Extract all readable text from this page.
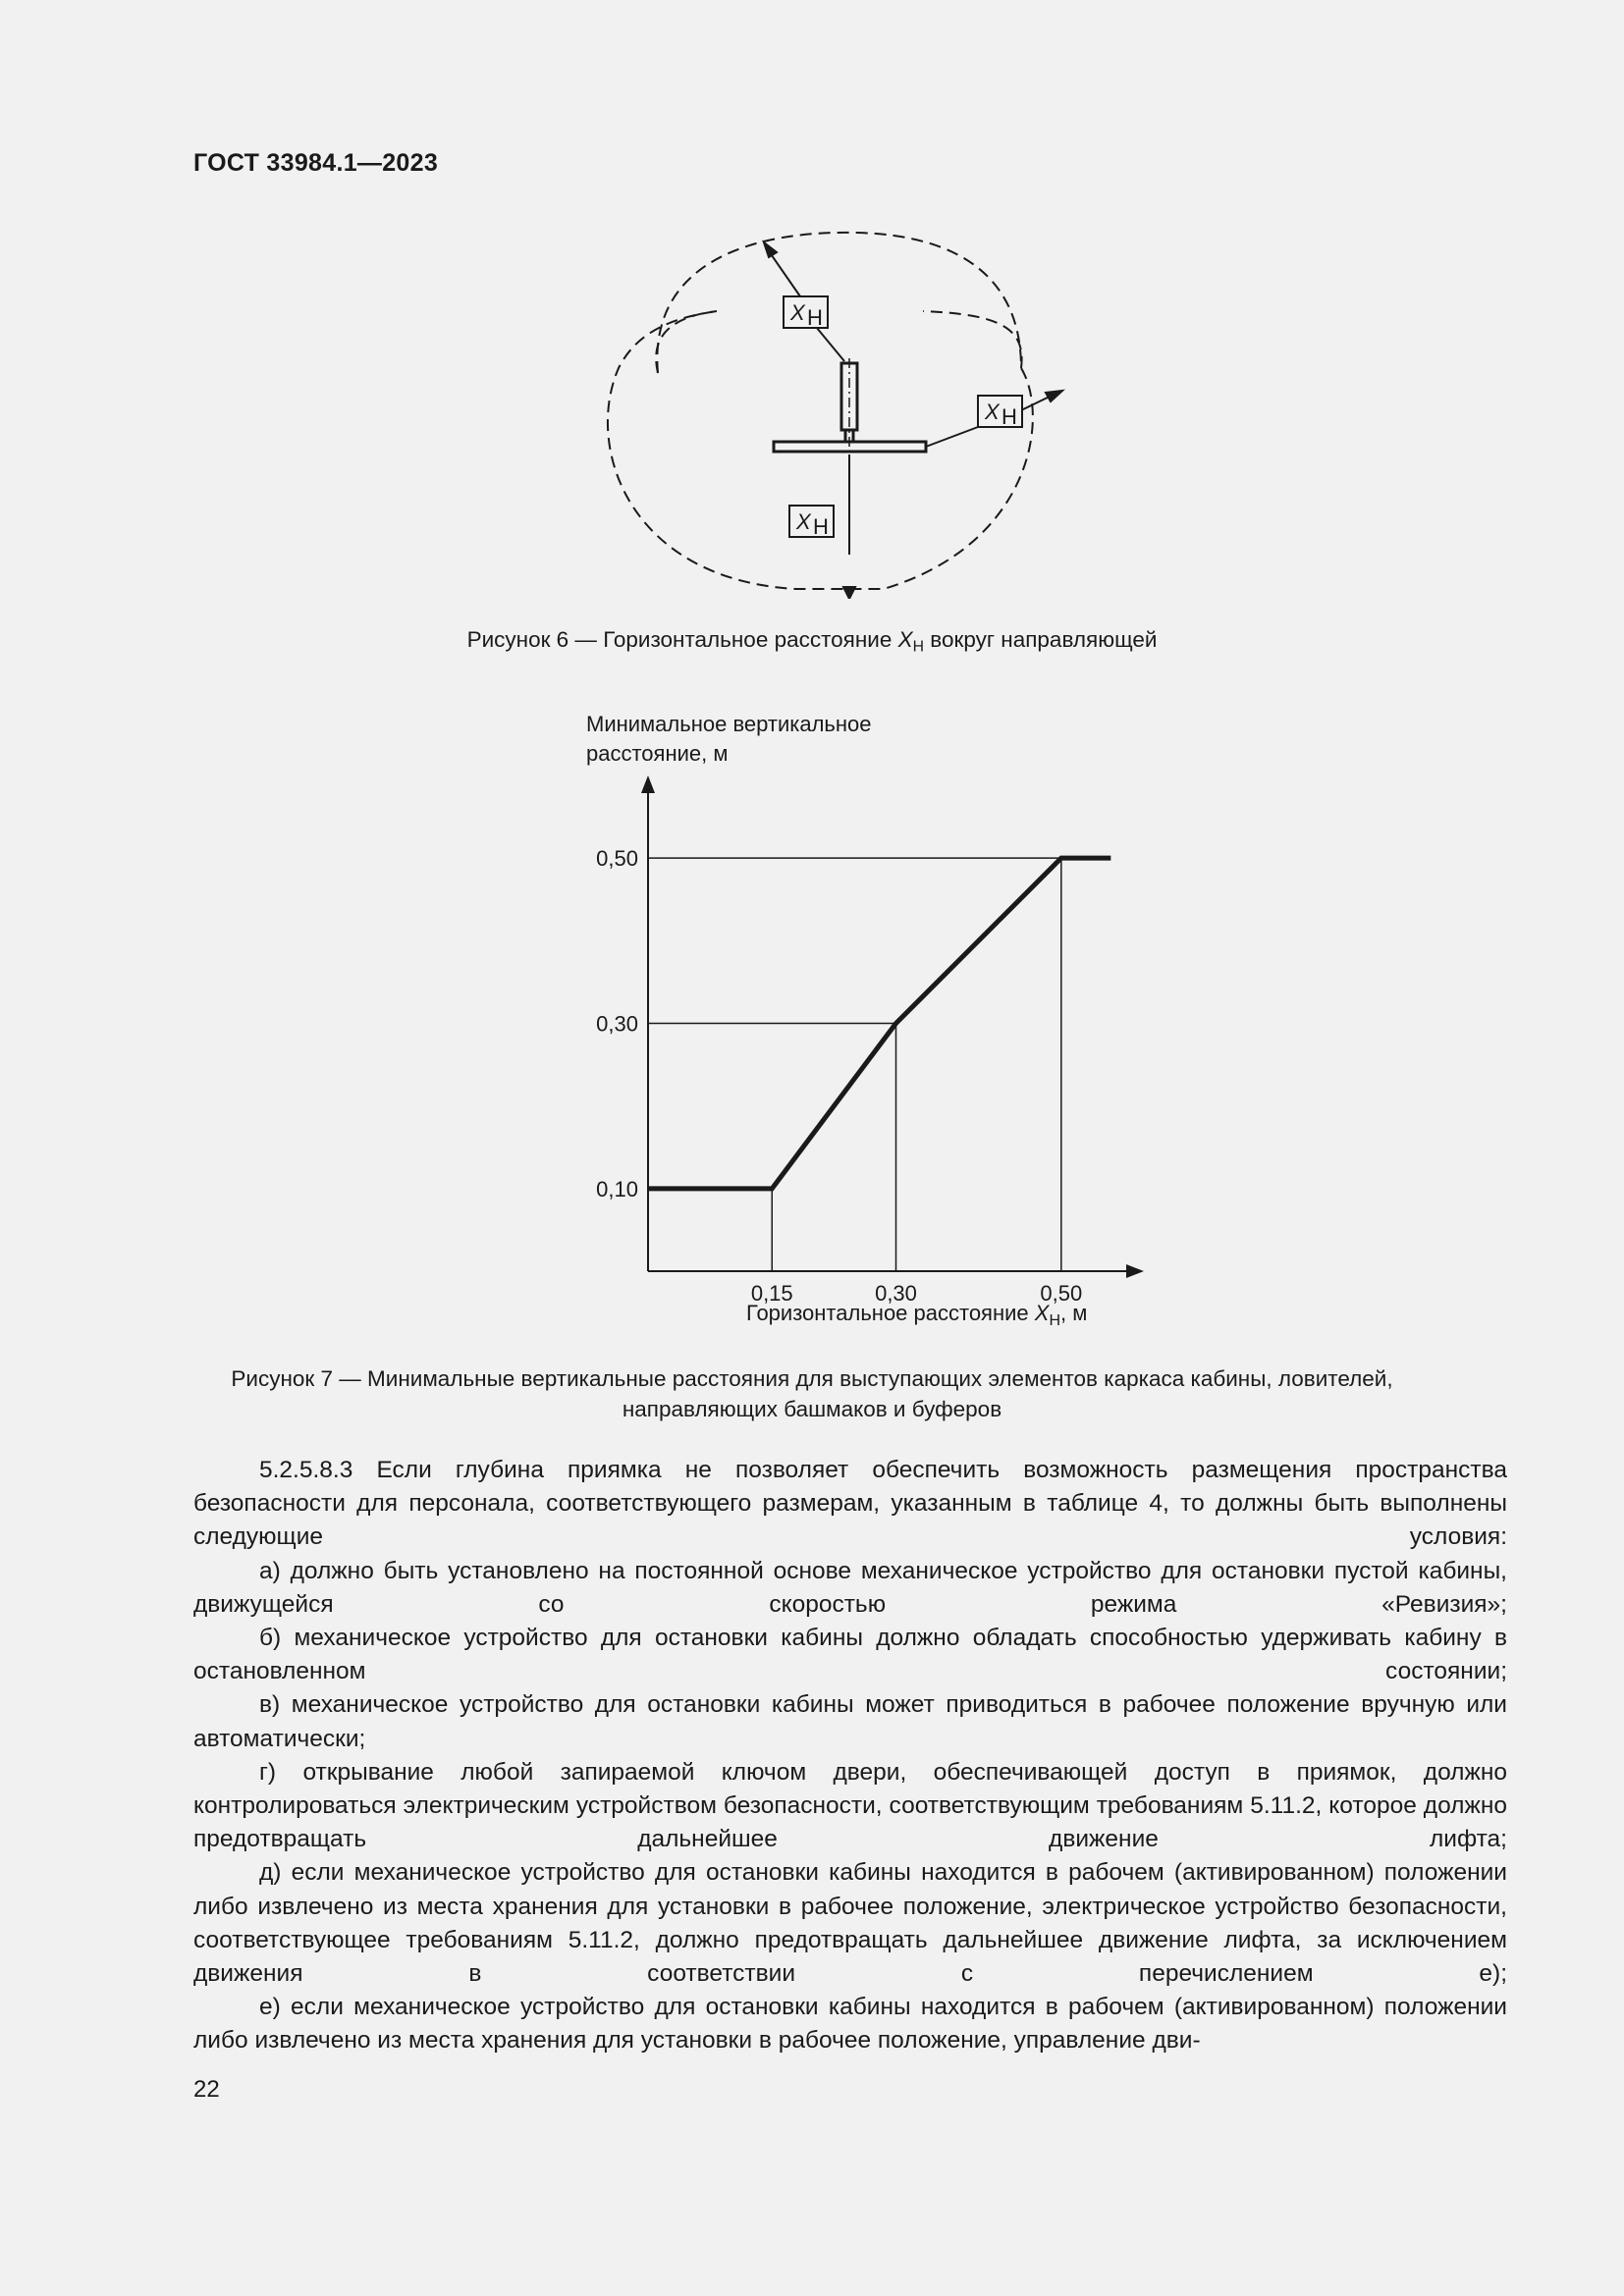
ГОСТ 33984.1—2023
X H
X H
X H
Рисунок 6 — Горизонтальное расстояние $X_H$ вокруг направляющей
Минимальное вертикальное
расстояние, м
0,10
0,30
0,50
0,15	0,30	0,50
Горизонтальное расстояние $X_H$, м
Рисунок 7 — Минимальные вертикальные расстояния для выступающих элементов каркаса кабины, ловителей,
направляющих башмаков и буферов

5.2.5.8.3 Если глубина приямка не позволяет обеспечить возможность размещения пространства безопасности для персонала, соответствующего размерам, указанным в таблице 4, то должны быть выполнены следующие условия:

а) должно быть установлено на постоянной основе механическое устройство для остановки пустой кабины, движущейся со скоростью режима «Ревизия»;

б) механическое устройство для остановки кабины должно обладать способностью удерживать кабину в остановленном состоянии;

в) механическое устройство для остановки кабины может приводиться в рабочее положение вручную или автоматически;

г) открывание любой запираемой ключом двери, обеспечивающей доступ в приямок, должно контролироваться электрическим устройством безопасности, соответствующим требованиям 5.11.2, которое должно предотвращать дальнейшее движение лифта;

д) если механическое устройство для остановки кабины находится в рабочем (активированном) положении либо извлечено из места хранения для установки в рабочее положение, электрическое устройство безопасности, соответствующее требованиям 5.11.2, должно предотвращать дальнейшее движение лифта, за исключением движения в соответствии с перечислением е);

е) если механическое устройство для остановки кабины находится в рабочем (активированном) положении либо извлечено из места хранения для установки в рабочее положение, управление дви-

22
